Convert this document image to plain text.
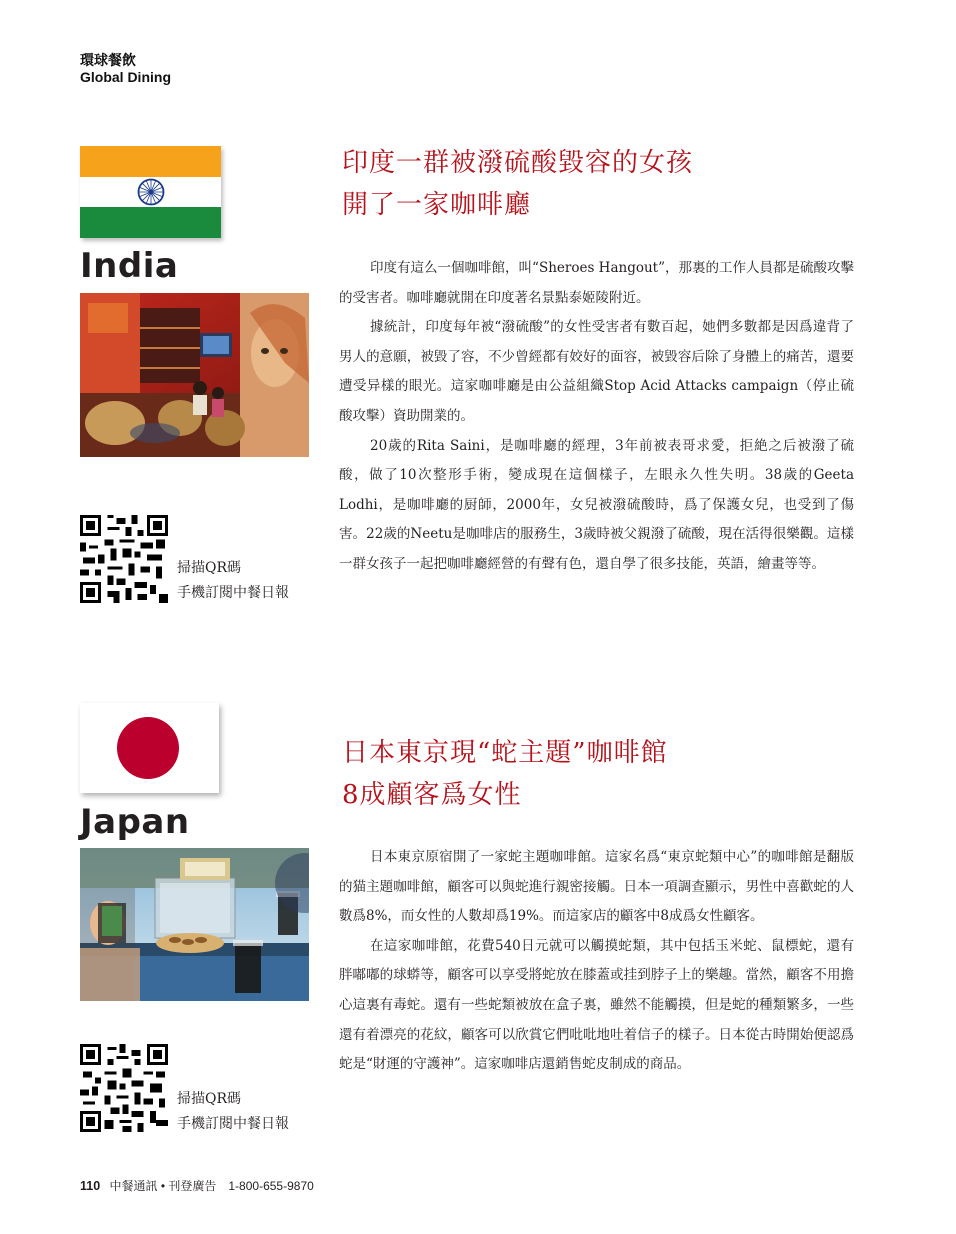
環球餐飲
Global Dining
India
掃描QR碼
手機訂閱中餐日報
印度一群被潑硫酸毀容的女孩
開了一家咖啡廳

印度有這么一個咖啡館，叫“Sheroes Hangout”，那裏的工作人員都是硫酸攻擊的受害者。咖啡廳就開在印度著名景點泰姬陵附近。

據統計，印度每年被“潑硫酸”的女性受害者有數百起，她們多數都是因爲違背了男人的意願，被毀了容，不少曾經都有姣好的面容，被毀容后除了身體上的痛苦，還要遭受异樣的眼光。這家咖啡廳是由公益組織Stop Acid Attacks campaign（停止硫酸攻擊）資助開業的。

20歲的Rita Saini，是咖啡廳的經理，3年前被表哥求愛，拒絶之后被潑了硫酸，做了10次整形手術，變成現在這個樣子，左眼永久性失明。38歲的Geeta Lodhi，是咖啡廳的厨師，2000年，女兒被潑硫酸時，爲了保護女兒，也受到了傷害。22歲的Neetu是咖啡店的服務生，3歲時被父親潑了硫酸，現在活得很樂觀。這樣一群女孩子一起把咖啡廳經營的有聲有色，還自學了很多技能，英語，繪畫等等。

Japan
掃描QR碼
手機訂閱中餐日報
日本東京現“蛇主題”咖啡館
8成顧客爲女性

日本東京原宿開了一家蛇主題咖啡館。這家名爲“東京蛇類中心”的咖啡館是翻版的猫主題咖啡館，顧客可以與蛇進行親密接觸。日本一項調查顯示，男性中喜歡蛇的人數爲8%，而女性的人數却爲19%。而這家店的顧客中8成爲女性顧客。

在這家咖啡館，花費540日元就可以觸摸蛇類，其中包括玉米蛇、鼠標蛇，還有胖嘟嘟的球蟒等，顧客可以享受將蛇放在膝蓋或挂到脖子上的樂趣。當然，顧客不用擔心這裏有毒蛇。還有一些蛇類被放在盒子裏，雖然不能觸摸，但是蛇的種類繁多，一些還有着漂亮的花紋，顧客可以欣賞它們吡吡地吐着信子的樣子。日本從古時開始便認爲蛇是“財運的守護神”。這家咖啡店還銷售蛇皮制成的商品。

110 中餐通訊 • 刊登廣告　1-800-655-9870
